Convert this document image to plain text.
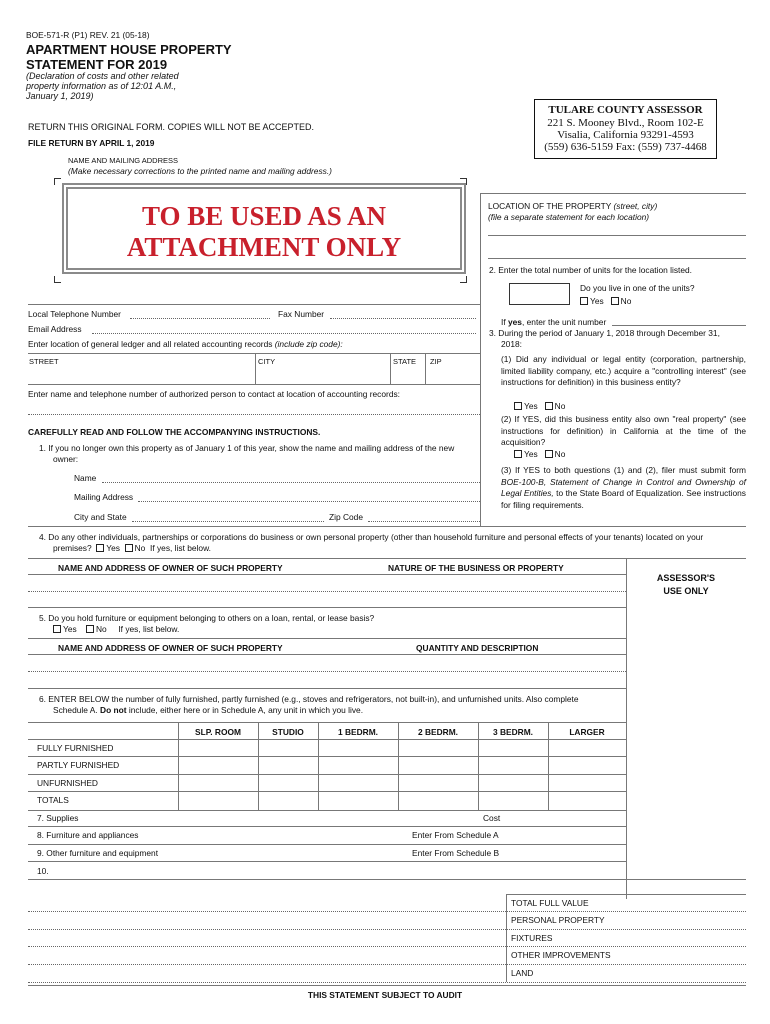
BOE-571-R (P1) REV. 21 (05-18)
APARTMENT HOUSE PROPERTY
STATEMENT FOR 2019
(Declaration of costs and other related
property information as of 12:01 A.M.,
January 1, 2019)
TULARE COUNTY ASSESSOR
221 S. Mooney Blvd., Room 102-E
Visalia, California 93291-4593
(559) 636-5159 Fax: (559) 737-4468
RETURN THIS ORIGINAL FORM. COPIES WILL NOT BE ACCEPTED.
FILE RETURN BY APRIL 1, 2019
NAME AND MAILING ADDRESS
(Make necessary corrections to the printed name and mailing address.)
TO BE USED AS AN
ATTACHMENT ONLY
LOCATION OF THE PROPERTY (street, city)
(file a separate statement for each location)
2. Enter the total number of units for the location listed.
Do you live in one of the units?
Yes No
If yes, enter the unit number
3. During the period of January 1, 2018 through December 31,
2018:
(1) Did any individual or legal entity (corporation, partnership, limited liability company, etc.) acquire a "controlling interest" (see instructions for definition) in this business entity?
Yes No
(2) If YES, did this business entity also own "real property" (see instructions for definition) in California at the time of the acquisition?
Yes No
(3) If YES to both questions (1) and (2), filer must submit form BOE-100-B, Statement of Change in Control and Ownership of Legal Entities, to the State Board of Equalization. See instructions for filing requirements.
Local Telephone Number	Fax Number
Email Address
Enter location of general ledger and all related accounting records (include zip code):
STREET	CITY	STATE ZIP
Enter name and telephone number of authorized person to contact at location of accounting records:
CAREFULLY READ AND FOLLOW THE ACCOMPANYING INSTRUCTIONS.
1. If you no longer own this property as of January 1 of this year, show the name and mailing address of the new
owner:
Name
Mailing Address
City and State	Zip Code
4. Do any other individuals, partnerships or corporations do business or own personal property (other than household furniture and personal effects of your tenants) located on your
premises? Yes No If yes, list below.
NAME AND ADDRESS OF OWNER OF SUCH PROPERTY	NATURE OF THE BUSINESS OR PROPERTY
ASSESSOR'S
USE ONLY
5. Do you hold furniture or equipment belonging to others on a loan, rental, or lease basis?
Yes No If yes, list below.
NAME AND ADDRESS OF OWNER OF SUCH PROPERTY	QUANTITY AND DESCRIPTION
6. ENTER BELOW the number of fully furnished, partly furnished (e.g., stoves and refrigerators, not built-in), and unfurnished units. Also complete
Schedule A. Do not include, either here or in Schedule A, any unit in which you live.
SLP. ROOM	STUDIO	1 BEDRM.	2 BEDRM.	3 BEDRM.	LARGER
FULLY FURNISHED
PARTLY FURNISHED
UNFURNISHED
TOTALS
7. Supplies	Cost
8. Furniture and appliances	Enter From Schedule A
9. Other furniture and equipment	Enter From Schedule B
10.
TOTAL FULL VALUE
PERSONAL PROPERTY
FIXTURES
OTHER IMPROVEMENTS
LAND
THIS STATEMENT SUBJECT TO AUDIT
